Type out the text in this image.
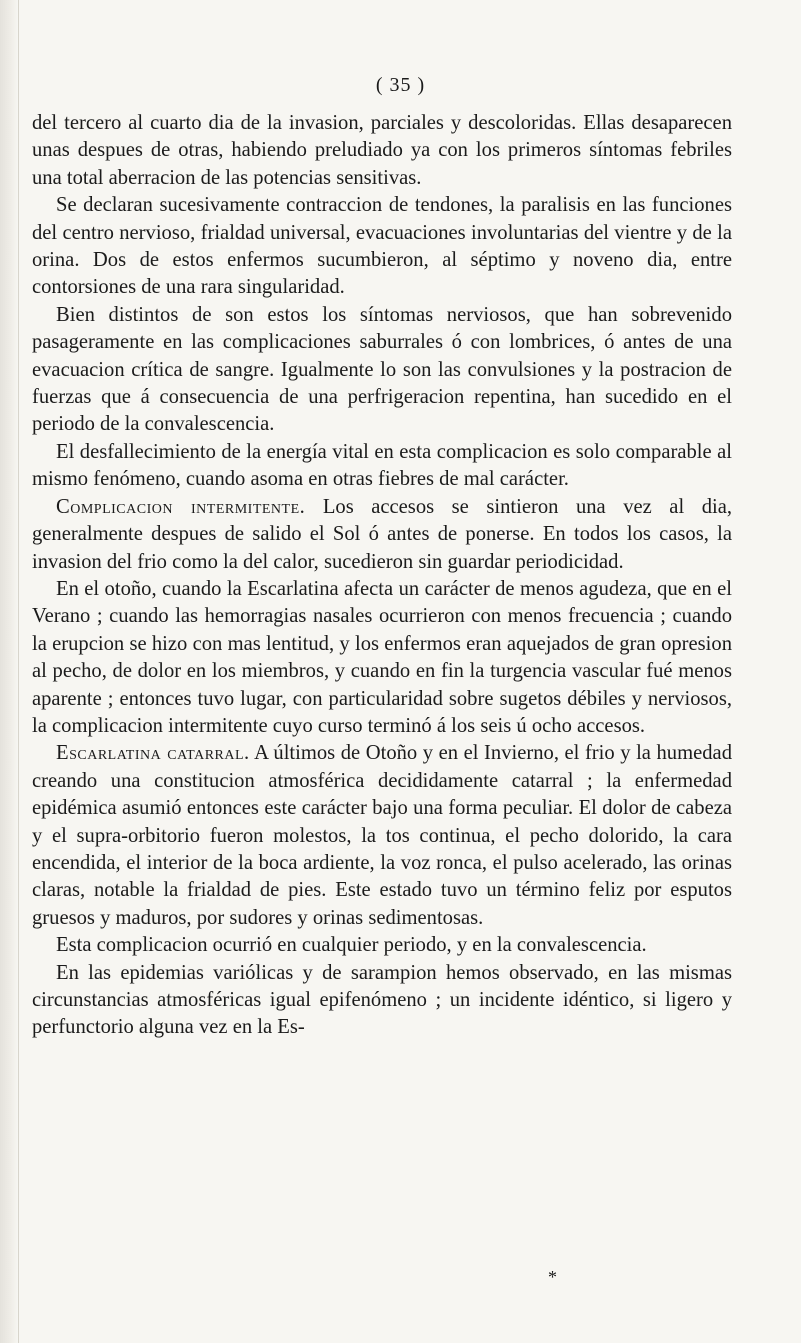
( 35 )

del tercero al cuarto dia de la invasion, parciales y descoloridas. Ellas desaparecen unas despues de otras, habiendo preludiado ya con los primeros síntomas febriles una total aberracion de las potencias sensitivas.

Se declaran sucesivamente contraccion de tendones, la paralisis en las funciones del centro nervioso, frialdad universal, evacuaciones involuntarias del vientre y de la orina. Dos de estos enfermos sucumbieron, al séptimo y noveno dia, entre contorsiones de una rara singularidad.

Bien distintos de son estos los síntomas nerviosos, que han sobrevenido pasageramente en las complicaciones saburrales ó con lombrices, ó antes de una evacuacion crítica de sangre. Igualmente lo son las convulsiones y la postracion de fuerzas que á consecuencia de una perfrigeracion repentina, han sucedido en el periodo de la convalescencia.

El desfallecimiento de la energía vital en esta complicacion es solo comparable al mismo fenómeno, cuando asoma en otras fiebres de mal carácter.

Complicacion intermitente. Los accesos se sintieron una vez al dia, generalmente despues de salido el Sol ó antes de ponerse. En todos los casos, la invasion del frio como la del calor, sucedieron sin guardar periodicidad.

En el otoño, cuando la Escarlatina afecta un carácter de menos agudeza, que en el Verano ; cuando las hemorragias nasales ocurrieron con menos frecuencia ; cuando la erupcion se hizo con mas lentitud, y los enfermos eran aquejados de gran opresion al pecho, de dolor en los miembros, y cuando en fin la turgencia vascular fué menos aparente ; entonces tuvo lugar, con particularidad sobre sugetos débiles y nerviosos, la complicacion intermitente cuyo curso terminó á los seis ú ocho accesos.

Escarlatina catarral. A últimos de Otoño y en el Invierno, el frio y la humedad creando una constitucion atmosférica decididamente catarral ; la enfermedad epidémica asumió entonces este carácter bajo una forma peculiar. El dolor de cabeza y el supra-orbitorio fueron molestos, la tos continua, el pecho dolorido, la cara encendida, el interior de la boca ardiente, la voz ronca, el pulso acelerado, las orinas claras, notable la frialdad de pies. Este estado tuvo un término feliz por esputos gruesos y maduros, por sudores y orinas sedimentosas.

Esta complicacion ocurrió en cualquier periodo, y en la convalescencia.

En las epidemias variólicas y de sarampion hemos observado, en las mismas circunstancias atmosféricas igual epifenómeno ; un incidente idéntico, si ligero y perfunctorio alguna vez en la Es-

*
